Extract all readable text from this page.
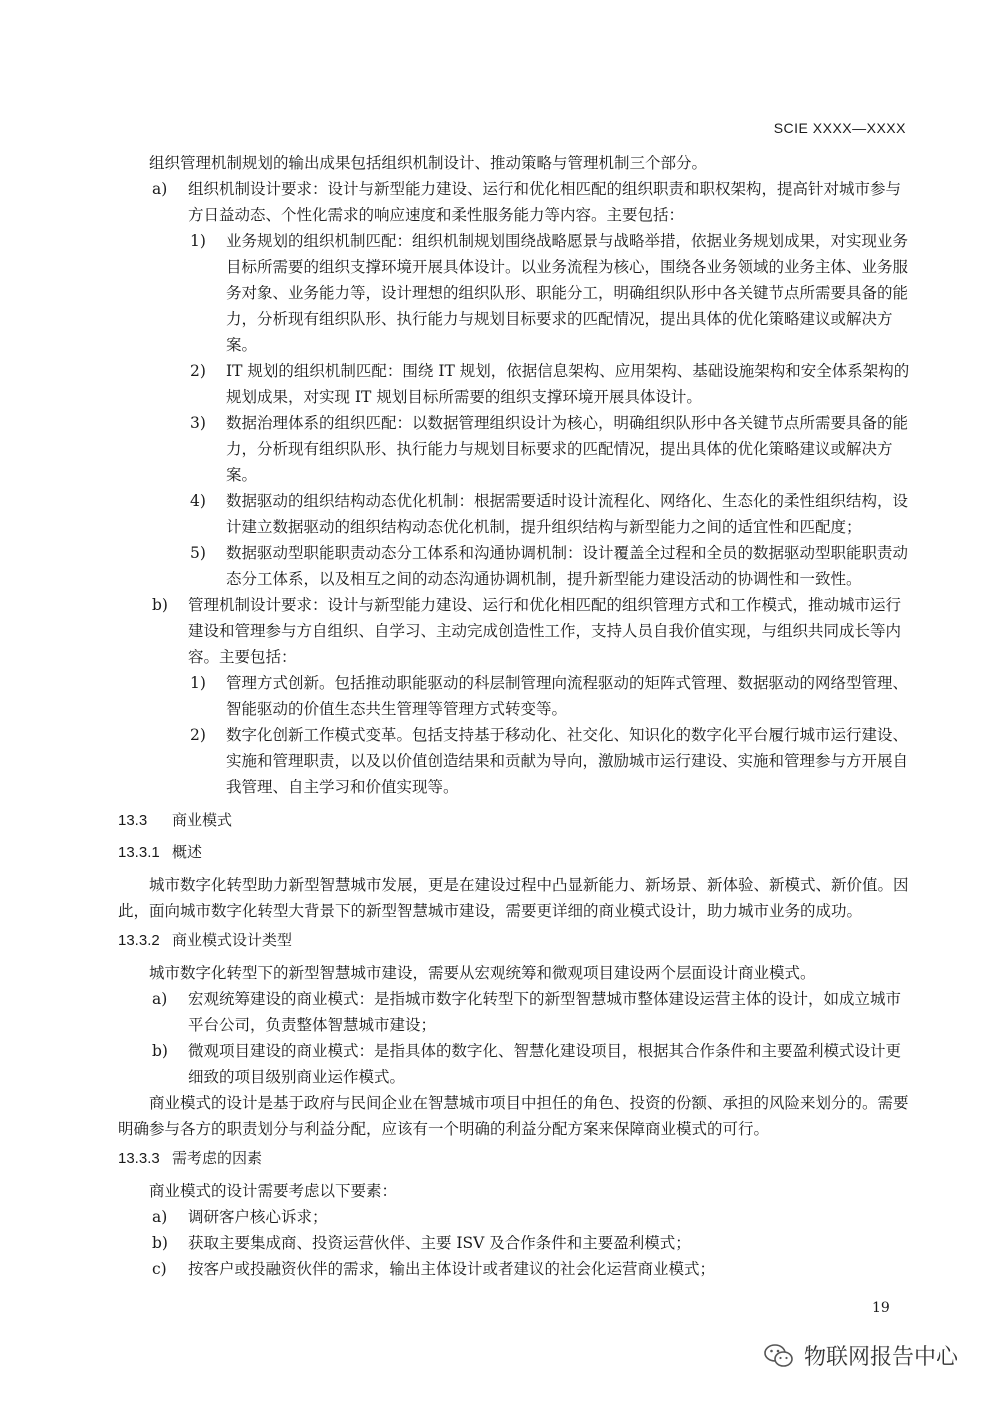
SCIE XXXX—XXXX

组织管理机制规划的输出成果包括组织机制设计、推动策略与管理机制三个部分。

a) 组织机制设计要求：设计与新型能力建设、运行和优化相匹配的组织职责和职权架构，提高针对城市参与方日益动态、个性化需求的响应速度和柔性服务能力等内容。主要包括：
1) 业务规划的组织机制匹配：组织机制规划围绕战略愿景与战略举措，依据业务规划成果，对实现业务目标所需要的组织支撑环境开展具体设计。以业务流程为核心，围绕各业务领域的业务主体、业务服务对象、业务能力等，设计理想的组织队形、职能分工，明确组织队形中各关键节点所需要具备的能力，分析现有组织队形、执行能力与规划目标要求的匹配情况，提出具体的优化策略建议或解决方案。
2) IT 规划的组织机制匹配：围绕 IT 规划，依据信息架构、应用架构、基础设施架构和安全体系架构的规划成果，对实现 IT 规划目标所需要的组织支撑环境开展具体设计。
3) 数据治理体系的组织匹配：以数据管理组织设计为核心，明确组织队形中各关键节点所需要具备的能力，分析现有组织队形、执行能力与规划目标要求的匹配情况，提出具体的优化策略建议或解决方案。
4) 数据驱动的组织结构动态优化机制：根据需要适时设计流程化、网络化、生态化的柔性组织结构，设计建立数据驱动的组织结构动态优化机制，提升组织结构与新型能力之间的适宜性和匹配度；
5) 数据驱动型职能职责动态分工体系和沟通协调机制：设计覆盖全过程和全员的数据驱动型职能职责动态分工体系，以及相互之间的动态沟通协调机制，提升新型能力建设活动的协调性和一致性。
b) 管理机制设计要求：设计与新型能力建设、运行和优化相匹配的组织管理方式和工作模式，推动城市运行建设和管理参与方自组织、自学习、主动完成创造性工作，支持人员自我价值实现，与组织共同成长等内容。主要包括：
1) 管理方式创新。包括推动职能驱动的科层制管理向流程驱动的矩阵式管理、数据驱动的网络型管理、智能驱动的价值生态共生管理等管理方式转变等。
2) 数字化创新工作模式变革。包括支持基于移动化、社交化、知识化的数字化平台履行城市运行建设、实施和管理职责，以及以价值创造结果和贡献为导向，激励城市运行建设、实施和管理参与方开展自我管理、自主学习和价值实现等。
13.3 商业模式
13.3.1 概述

城市数字化转型助力新型智慧城市发展，更是在建设过程中凸显新能力、新场景、新体验、新模式、新价值。因此，面向城市数字化转型大背景下的新型智慧城市建设，需要更详细的商业模式设计，助力城市业务的成功。

13.3.2 商业模式设计类型

城市数字化转型下的新型智慧城市建设，需要从宏观统筹和微观项目建设两个层面设计商业模式。

a) 宏观统筹建设的商业模式：是指城市数字化转型下的新型智慧城市整体建设运营主体的设计，如成立城市平台公司，负责整体智慧城市建设；
b) 微观项目建设的商业模式：是指具体的数字化、智慧化建设项目，根据其合作条件和主要盈利模式设计更细致的项目级别商业运作模式。

商业模式的设计是基于政府与民间企业在智慧城市项目中担任的角色、投资的份额、承担的风险来划分的。需要明确参与各方的职责划分与利益分配，应该有一个明确的利益分配方案来保障商业模式的可行。

13.3.3 需考虑的因素

商业模式的设计需要考虑以下要素：

a) 调研客户核心诉求；
b) 获取主要集成商、投资运营伙伴、主要 ISV 及合作条件和主要盈利模式；
c) 按客户或投融资伙伴的需求，输出主体设计或者建议的社会化运营商业模式；
19
物联网报告中心
